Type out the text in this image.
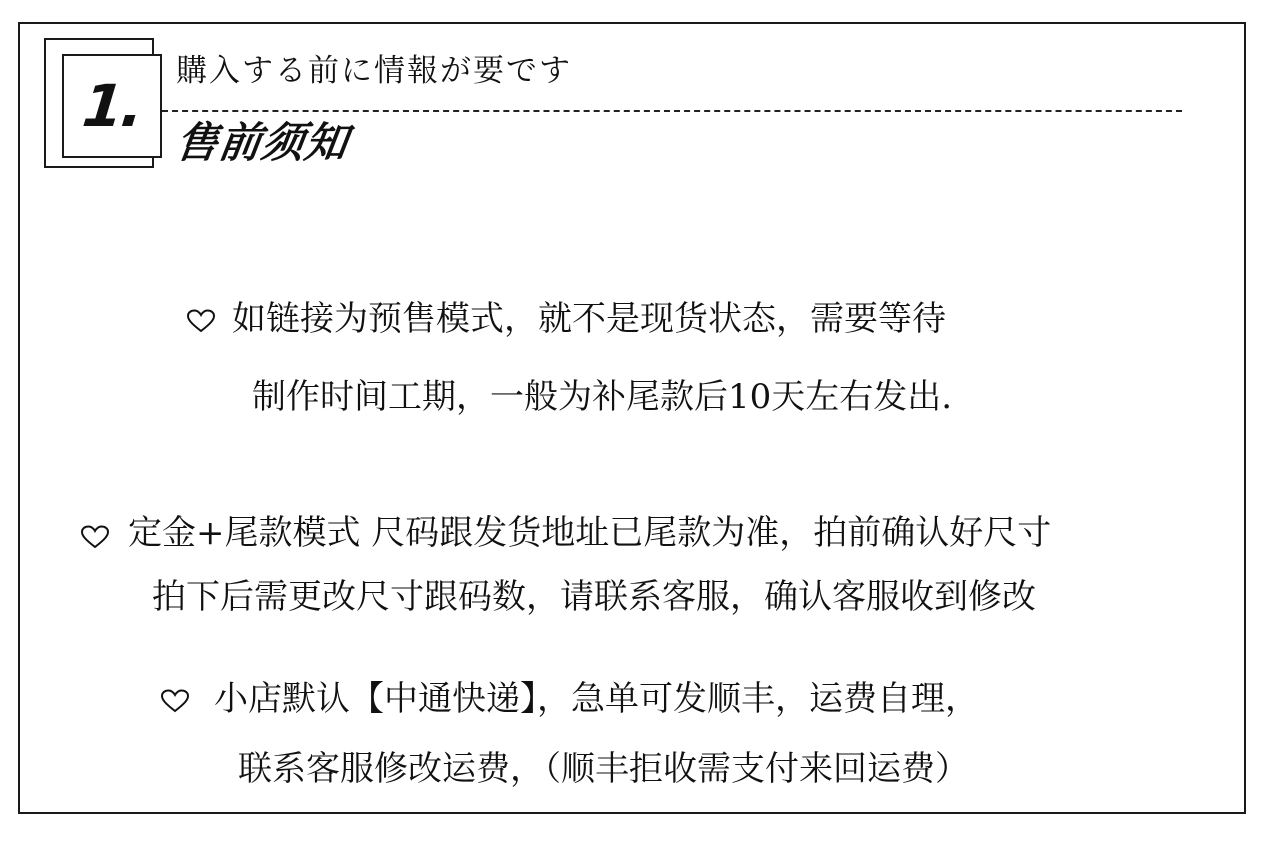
1.
購入する前に情報が要です
售前须知
如链接为预售模式，就不是现货状态，需要等待
制作时间工期，一般为补尾款后10天左右发出.
定金+尾款模式 尺码跟发货地址已尾款为准，拍前确认好尺寸
拍下后需更改尺寸跟码数，请联系客服，确认客服收到修改
小店默认【中通快递】，急单可发顺丰，运费自理，
联系客服修改运费，（顺丰拒收需支付来回运费）
